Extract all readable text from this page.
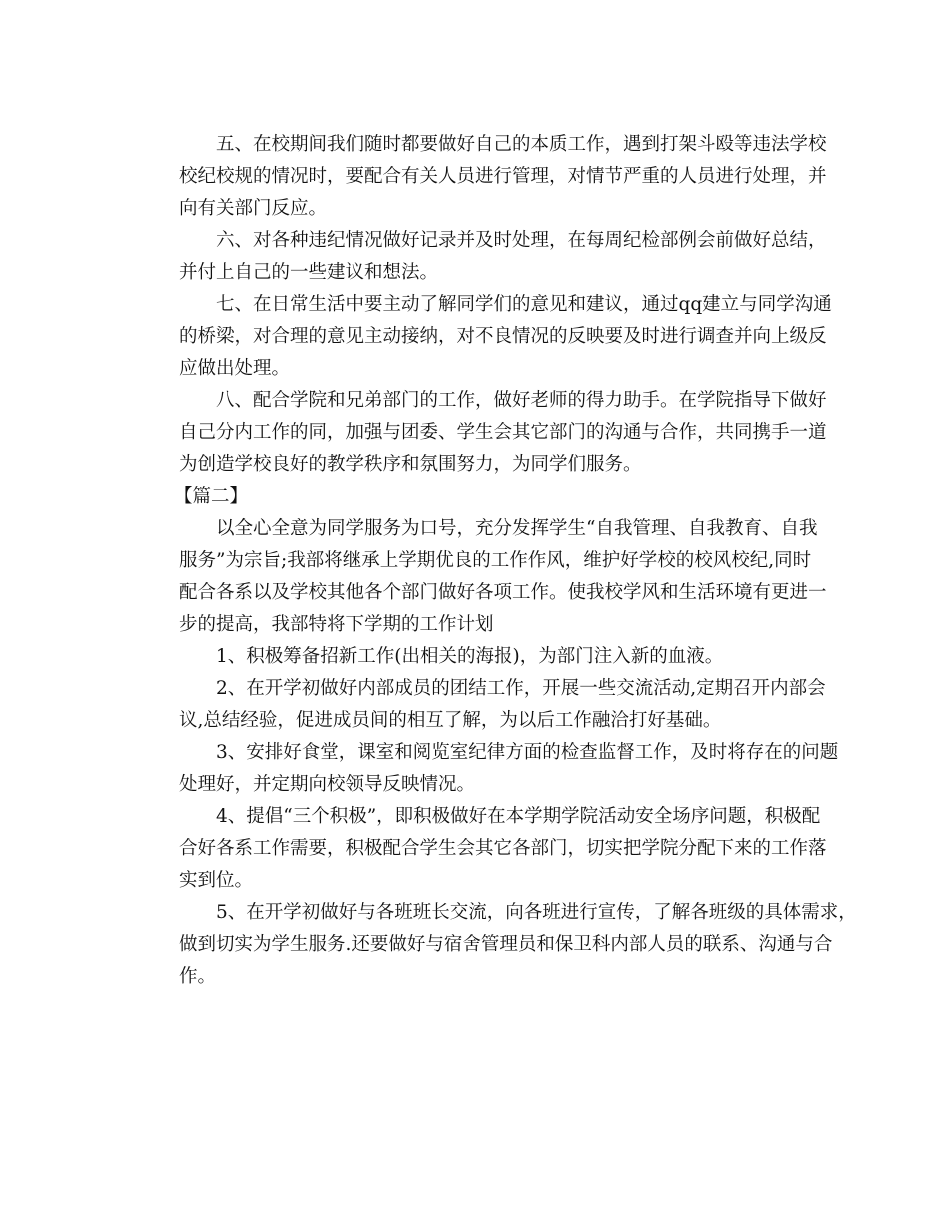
五、在校期间我们随时都要做好自己的本质工作，遇到打架斗殴等违法学校
校纪校规的情况时，要配合有关人员进行管理，对情节严重的人员进行处理，并
向有关部门反应。
六、对各种违纪情况做好记录并及时处理，在每周纪检部例会前做好总结，
并付上自己的一些建议和想法。
七、在日常生活中要主动了解同学们的意见和建议，通过qq建立与同学沟通
的桥梁，对合理的意见主动接纳，对不良情况的反映要及时进行调查并向上级反
应做出处理。
八、配合学院和兄弟部门的工作，做好老师的得力助手。在学院指导下做好
自己分内工作的同，加强与团委、学生会其它部门的沟通与合作，共同携手一道
为创造学校良好的教学秩序和氛围努力，为同学们服务。
【篇二】
以全心全意为同学服务为口号，充分发挥学生“自我管理、自我教育、自我
服务”为宗旨;我部将继承上学期优良的工作作风，维护好学校的校风校纪,同时
配合各系以及学校其他各个部门做好各项工作。使我校学风和生活环境有更进一
步的提高，我部特将下学期的工作计划
1、积极筹备招新工作(出相关的海报)，为部门注入新的血液。
2、在开学初做好内部成员的团结工作，开展一些交流活动,定期召开内部会
议,总结经验，促进成员间的相互了解，为以后工作融洽打好基础。
3、安排好食堂，课室和阅览室纪律方面的检查监督工作，及时将存在的问题
处理好，并定期向校领导反映情况。
4、提倡“三个积极”，即积极做好在本学期学院活动安全场序问题，积极配
合好各系工作需要，积极配合学生会其它各部门，切实把学院分配下来的工作落
实到位。
5、在开学初做好与各班班长交流，向各班进行宣传，了解各班级的具体需求，
做到切实为学生服务.还要做好与宿舍管理员和保卫科内部人员的联系、沟通与合
作。
